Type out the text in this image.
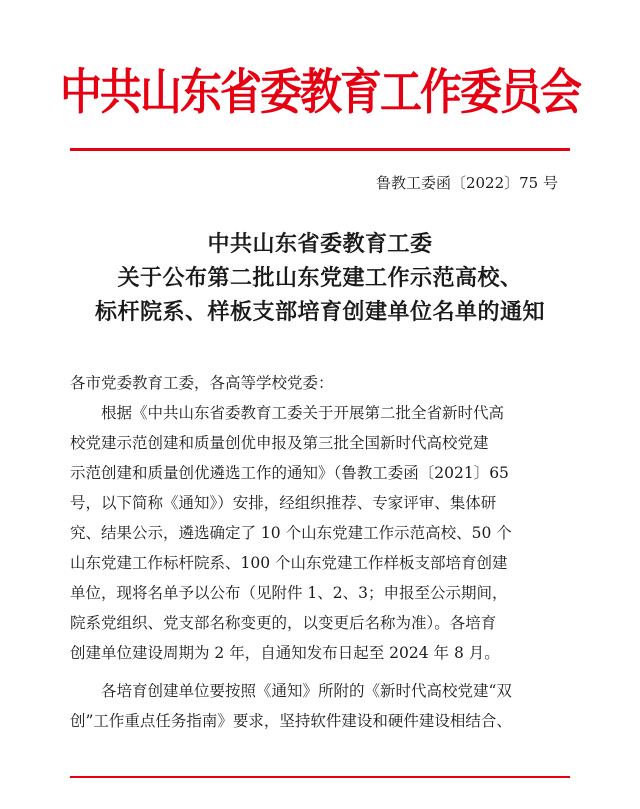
中共山东省委教育工作委员会
鲁教工委函〔2022〕75 号
中共山东省委教育工委
关于公布第二批山东党建工作示范高校、
标杆院系、样板支部培育创建单位名单的通知

各市党委教育工委，各高等学校党委：

根据《中共山东省委教育工委关于开展第二批全省新时代高

校党建示范创建和质量创优申报及第三批全国新时代高校党建

示范创建和质量创优遴选工作的通知》（鲁教工委函〔2021〕65

号，以下简称《通知》）安排，经组织推荐、专家评审、集体研

究、结果公示，遴选确定了 10 个山东党建工作示范高校、50 个

山东党建工作标杆院系、100 个山东党建工作样板支部培育创建

单位，现将名单予以公布（见附件 1、2、3；申报至公示期间，

院系党组织、党支部名称变更的，以变更后名称为准）。各培育

创建单位建设周期为 2 年，自通知发布日起至 2024 年 8 月。

各培育创建单位要按照《通知》所附的《新时代高校党建“双

创”工作重点任务指南》要求，坚持软件建设和硬件建设相结合、
